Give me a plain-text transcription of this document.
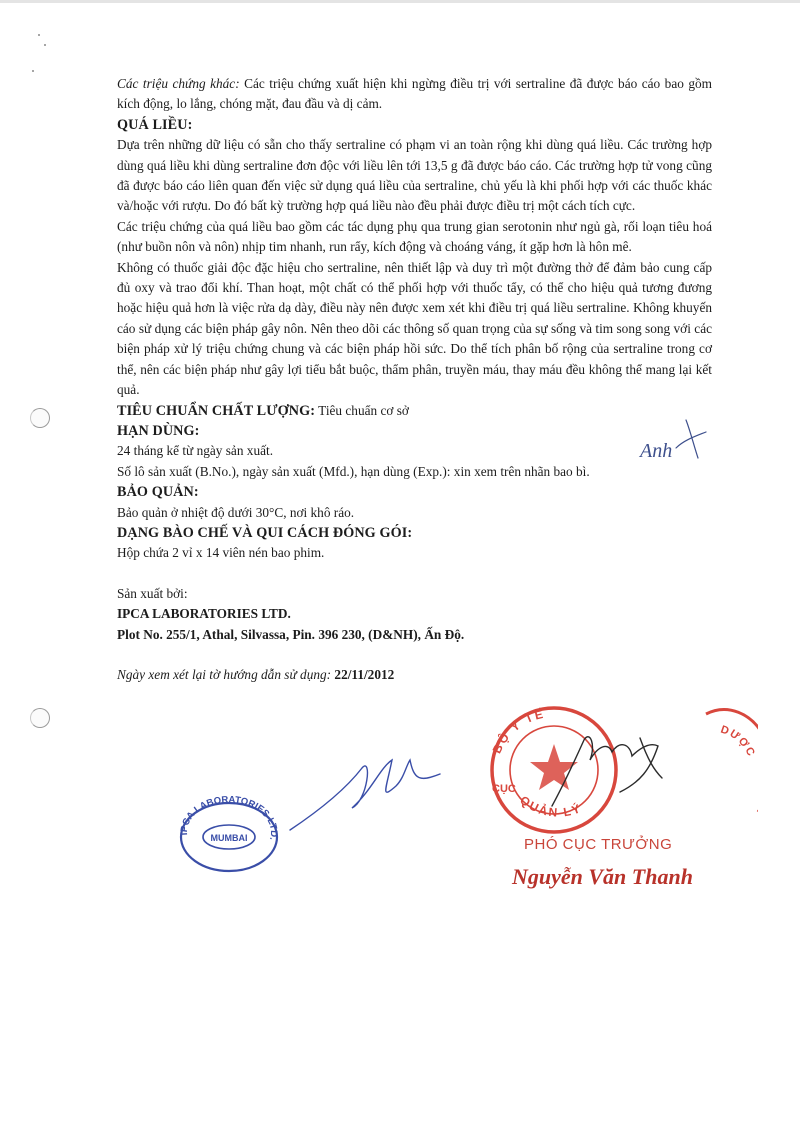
Các triệu chứng khác: Các triệu chứng xuất hiện khi ngừng điều trị với sertraline đã được báo cáo bao gồm kích động, lo lắng, chóng mặt, đau đầu và dị cảm.

QUÁ LIỀU:

Dựa trên những dữ liệu có sẵn cho thấy sertraline có phạm vi an toàn rộng khi dùng quá liều. Các trường hợp dùng quá liều khi dùng sertraline đơn độc với liều lên tới 13,5 g đã được báo cáo. Các trường hợp tử vong cũng đã được báo cáo liên quan đến việc sử dụng quá liều của sertraline, chủ yếu là khi phối hợp với các thuốc khác và/hoặc với rượu. Do đó bất kỳ trường hợp quá liều nào đều phải được điều trị một cách tích cực.

Các triệu chứng của quá liều bao gồm các tác dụng phụ qua trung gian serotonin như ngủ gà, rối loạn tiêu hoá (như buồn nôn và nôn) nhịp tim nhanh, run rẩy, kích động và choáng váng, ít gặp hơn là hôn mê.

Không có thuốc giải độc đặc hiệu cho sertraline, nên thiết lập và duy trì một đường thở để đảm bảo cung cấp đủ oxy và trao đổi khí. Than hoạt, một chất có thể phối hợp với thuốc tẩy, có thể cho hiệu quả tương đương hoặc hiệu quả hơn là việc rửa dạ dày, điều này nên được xem xét khi điều trị quá liều sertraline. Không khuyến cáo sử dụng các biện pháp gây nôn. Nên theo dõi các thông số quan trọng của sự sống và tim song song với các biện pháp xử lý triệu chứng chung và các biện pháp hồi sức. Do thể tích phân bố rộng của sertraline trong cơ thể, nên các biện pháp như gây lợi tiểu bắt buộc, thẩm phân, truyền máu, thay máu đều không thể mang lại kết quả.

TIÊU CHUẨN CHẤT LƯỢNG: Tiêu chuẩn cơ sở

HẠN DÙNG:

24 tháng kể từ ngày sản xuất.

Số lô sản xuất (B.No.), ngày sản xuất (Mfd.), hạn dùng (Exp.): xin xem trên nhãn bao bì.

BẢO QUẢN:

Bảo quản ở nhiệt độ dưới 30°C, nơi khô ráo.

DẠNG BÀO CHẾ VÀ QUI CÁCH ĐÓNG GÓI:

Hộp chứa 2 vỉ x 14 viên nén bao phim.

Sản xuất bởi:

IPCA LABORATORIES LTD.

Plot No. 255/1, Athal, Silvassa, Pin. 396 230, (D&NH), Ấn Độ.

Ngày xem xét lại tờ hướng dẫn sử dụng: 22/11/2012

Anh
IPCA LABORATORIES LTD.
MUMBAI
BỘ Y TẾ
CỤC
QUẢN LÝ
DƯỢC
PHÓ CỤC TRƯỞNG
Nguyễn Văn Thanh
